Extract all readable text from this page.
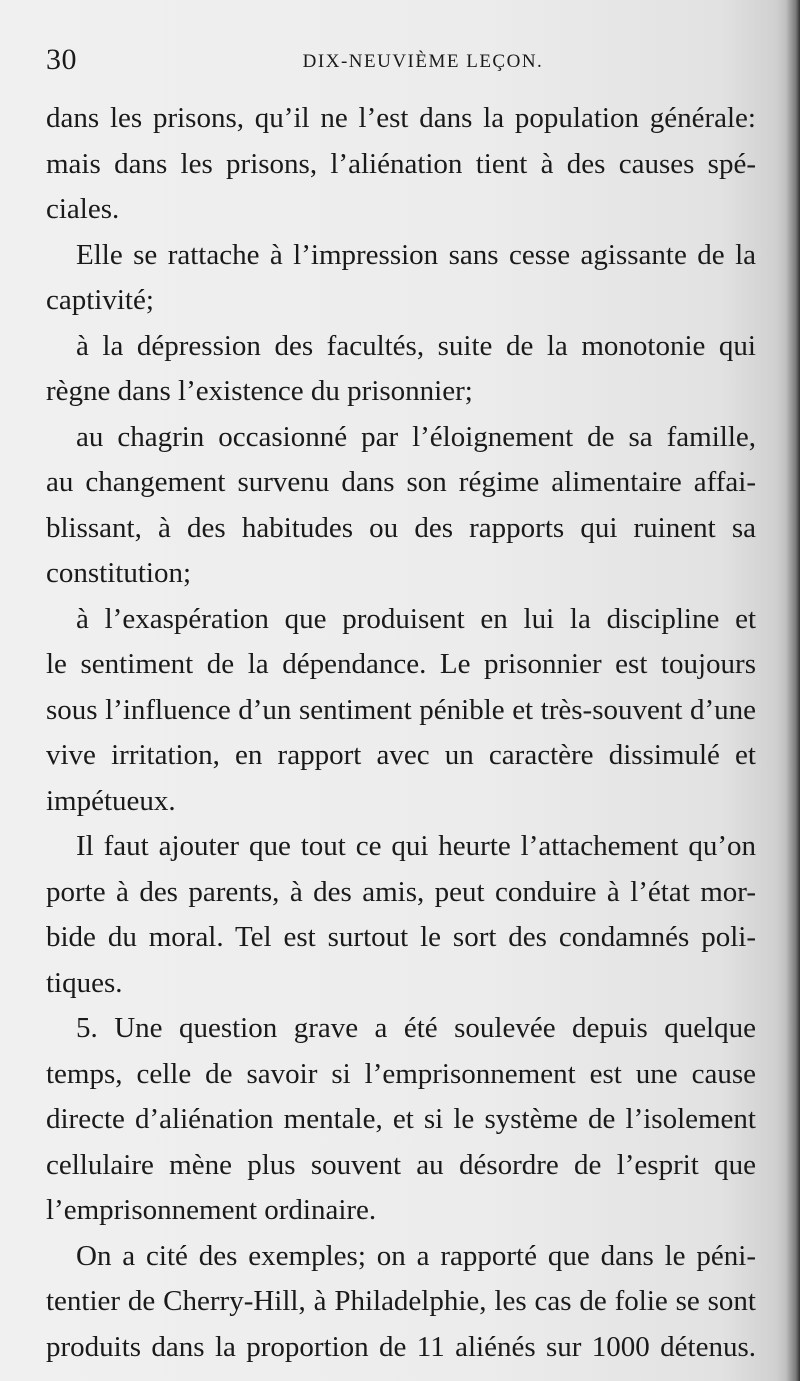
30	DIX-NEUVIÈME LEÇON.
dans les prisons, qu’il ne l’est dans la population générale:
mais dans les prisons, l’aliénation tient à des causes spé-
ciales.
Elle se rattache à l’impression sans cesse agissante de la
captivité;
à la dépression des facultés, suite de la monotonie qui
règne dans l’existence du prisonnier;
au chagrin occasionné par l’éloignement de sa famille,
au changement survenu dans son régime alimentaire affai-
blissant, à des habitudes ou des rapports qui ruinent sa
constitution;
à l’exaspération que produisent en lui la discipline et
le sentiment de la dépendance. Le prisonnier est toujours
sous l’influence d’un sentiment pénible et très-souvent d’une
vive irritation, en rapport avec un caractère dissimulé et
impétueux.
Il faut ajouter que tout ce qui heurte l’attachement qu’on
porte à des parents, à des amis, peut conduire à l’état mor-
bide du moral. Tel est surtout le sort des condamnés poli-
tiques.
5. Une question grave a été soulevée depuis quelque
temps, celle de savoir si l’emprisonnement est une cause
directe d’aliénation mentale, et si le système de l’isolement
cellulaire mène plus souvent au désordre de l’esprit que
l’emprisonnement ordinaire.
On a cité des exemples; on a rapporté que dans le péni-
tentier de Cherry-Hill, à Philadelphie, les cas de folie se sont
produits dans la proportion de 11 aliénés sur 1000 détenus.
